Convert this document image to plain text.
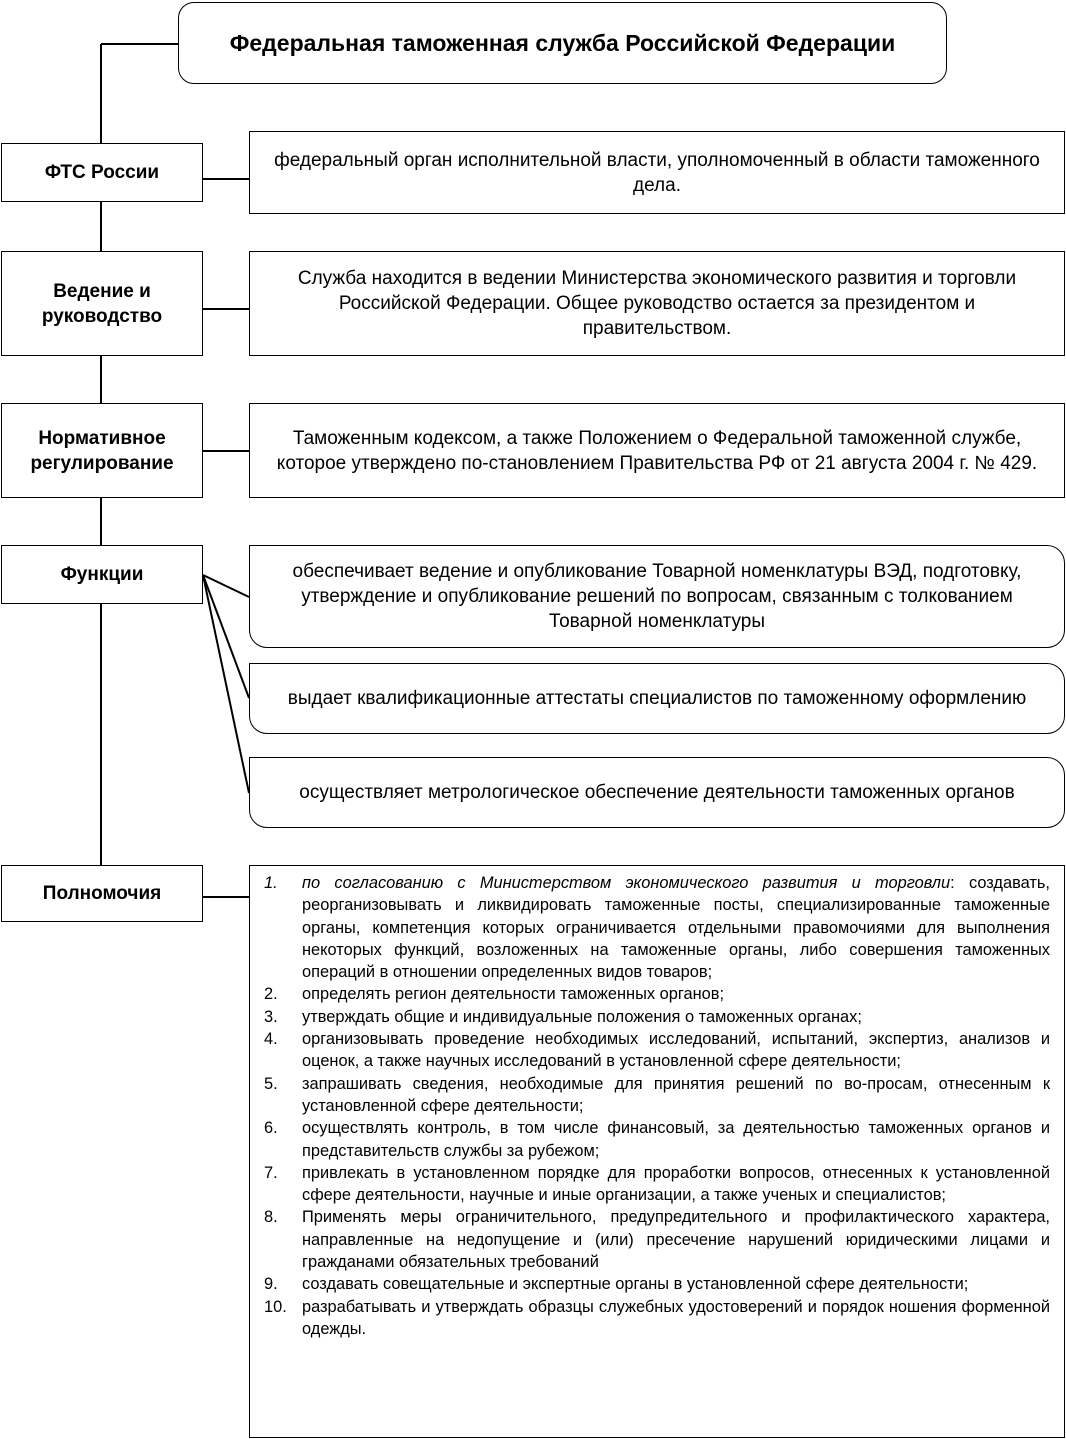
Федеральная таможенная служба Российской Федерации
ФТС России
федеральный орган исполнительной власти, уполномоченный в области таможенного дела.
Ведение и руководство
Служба находится в ведении Министерства экономического развития и торговли Российской Федерации. Общее руководство остается за президентом и правительством.
Нормативное регулирование
Таможенным кодексом, а также Положением о Федеральной таможенной службе, которое утверждено по-становлением Правительства РФ от 21 августа 2004 г. № 429.
Функции	обеспечивает ведение и опубликование Товарной номенклатуры ВЭД, подготовку, утверждение и опубликование решений по вопросам, связанным с толкованием Товарной номенклатуры
выдает квалификационные аттестаты специалистов по таможенному оформлению
осуществляет метрологическое обеспечение деятельности таможенных органов
Полномочия	1.	по согласованию с Министерством экономического развития и торговли: создавать, реорганизовывать и ликвидировать таможенные посты, специализированные таможенные органы, компетенция которых ограничивается отдельными правомочиями для выполнения некоторых функций, возложенных на таможенные органы, либо совершения таможенных операций в отношении определенных видов товаров;
2.	определять регион деятельности таможенных органов;
3.	утверждать общие и индивидуальные положения о таможенных органах;
4.	организовывать проведение необходимых исследований, испытаний, экспертиз, анализов и оценок, а также научных исследований в установленной сфере деятельности;
5.	запрашивать сведения, необходимые для принятия решений по во-просам, отнесенным к установленной сфере деятельности;
6.	осуществлять контроль, в том числе финансовый, за деятельностью таможенных органов и представительств службы за рубежом;
7.	привлекать в установленном порядке для проработки вопросов, отнесенных к установленной сфере деятельности, научные и иные организации, а также ученых и специалистов;
8.	Применять меры ограничительного, предупредительного и профилактического характера, направленные на недопущение и (или) пресечение нарушений юридическими лицами и гражданами обязательных требований
9.	создавать совещательные и экспертные органы в установленной сфере деятельности;
10. разрабатывать и утверждать образцы служебных удостоверений и порядок ношения форменной одежды.
